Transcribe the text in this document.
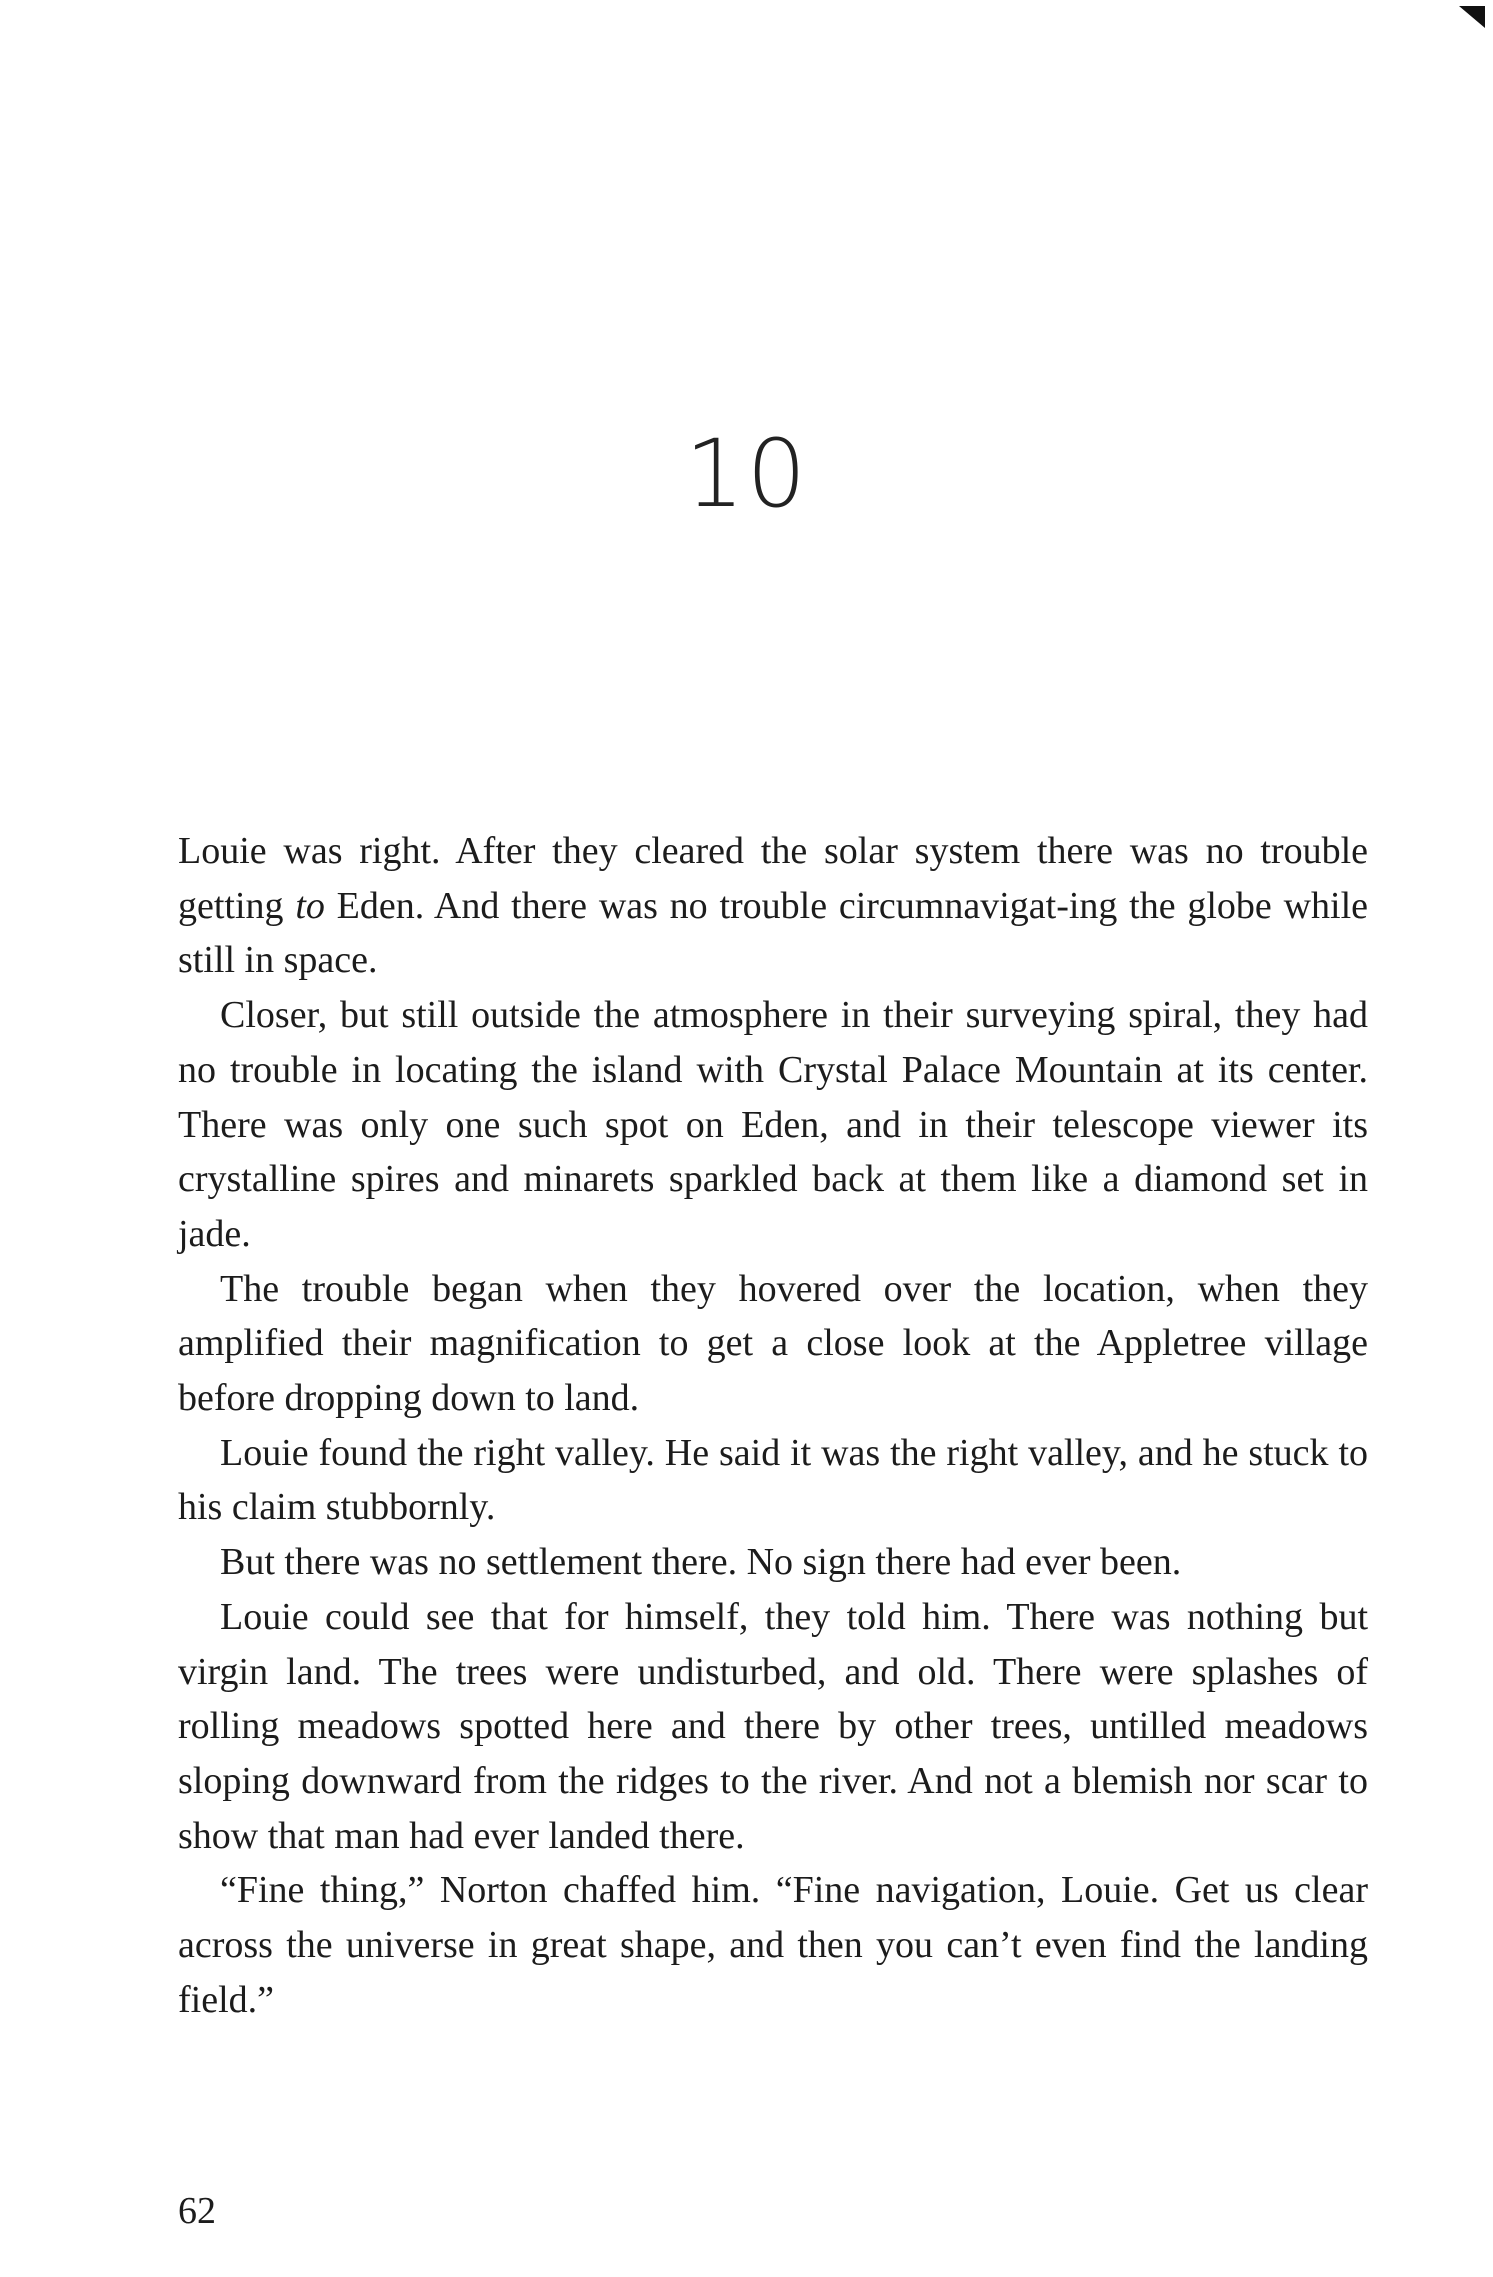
10

Louie was right. After they cleared the solar system there was no trouble getting to Eden. And there was no trouble circumnavigat-ing the globe while still in space.

Closer, but still outside the atmosphere in their surveying spiral, they had no trouble in locating the island with Crystal Palace Mountain at its center. There was only one such spot on Eden, and in their telescope viewer its crystalline spires and minarets sparkled back at them like a diamond set in jade.

The trouble began when they hovered over the location, when they amplified their magnification to get a close look at the Appletree village before dropping down to land.

Louie found the right valley. He said it was the right valley, and he stuck to his claim stubbornly.

But there was no settlement there. No sign there had ever been.

Louie could see that for himself, they told him. There was nothing but virgin land. The trees were undisturbed, and old. There were splashes of rolling meadows spotted here and there by other trees, untilled meadows sloping downward from the ridges to the river. And not a blemish nor scar to show that man had ever landed there.

“Fine thing,” Norton chaffed him. “Fine navigation, Louie. Get us clear across the universe in great shape, and then you can’t even find the landing field.”

62
